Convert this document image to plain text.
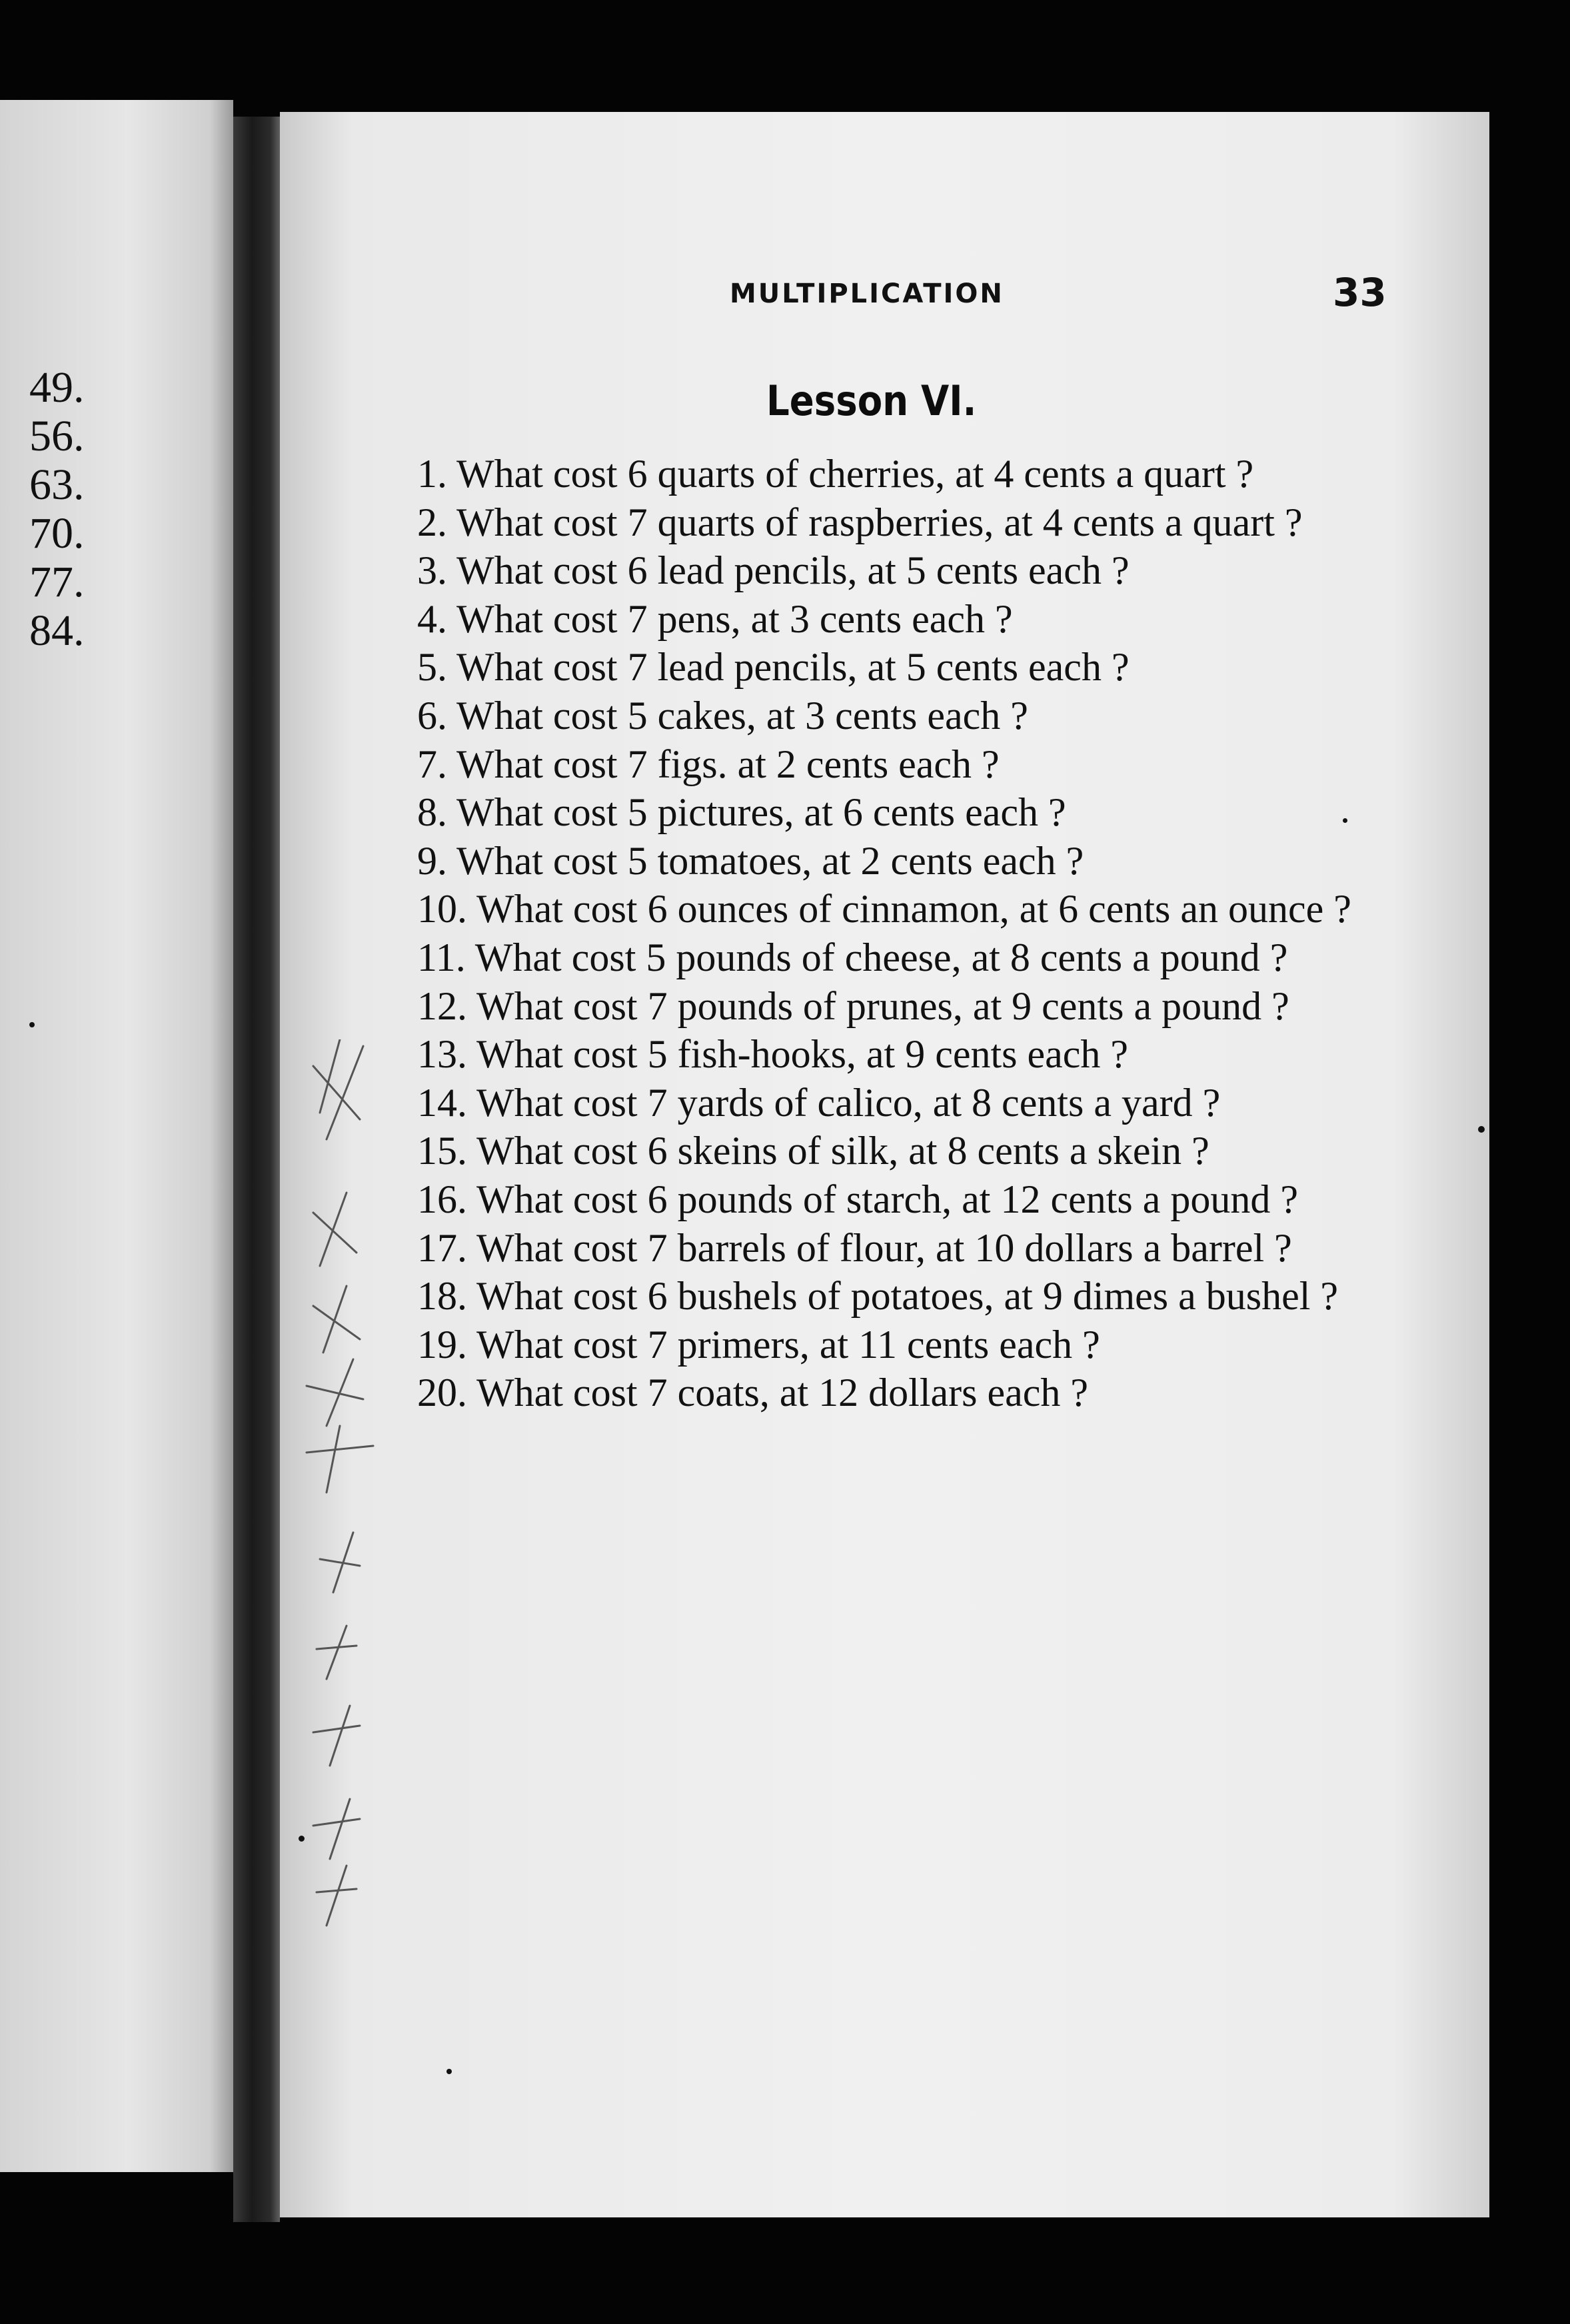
49.
56.
63.
70.
77.
84.
MULTIPLICATION	33
Lesson VI.
1. What cost 6 quarts of cherries, at 4 cents a quart ?
2. What cost 7 quarts of raspberries, at 4 cents a quart ?
3. What cost 6 lead pencils, at 5 cents each ?
4. What cost 7 pens, at 3 cents each ?
5. What cost 7 lead pencils, at 5 cents each ?
6. What cost 5 cakes, at 3 cents each ?
7. What cost 7 figs. at 2 cents each ?
8. What cost 5 pictures, at 6 cents each ?
9. What cost 5 tomatoes, at 2 cents each ?
10. What cost 6 ounces of cinnamon, at 6 cents an ounce ?
11. What cost 5 pounds of cheese, at 8 cents a pound ?
12. What cost 7 pounds of prunes, at 9 cents a pound ?
13. What cost 5 fish-hooks, at 9 cents each ?
14. What cost 7 yards of calico, at 8 cents a yard ?
15. What cost 6 skeins of silk, at 8 cents a skein ?
16. What cost 6 pounds of starch, at 12 cents a pound ?
17. What cost 7 barrels of flour, at 10 dollars a barrel ?
18. What cost 6 bushels of potatoes, at 9 dimes a bushel ?
19. What cost 7 primers, at 11 cents each ?
20. What cost 7 coats, at 12 dollars each ?
